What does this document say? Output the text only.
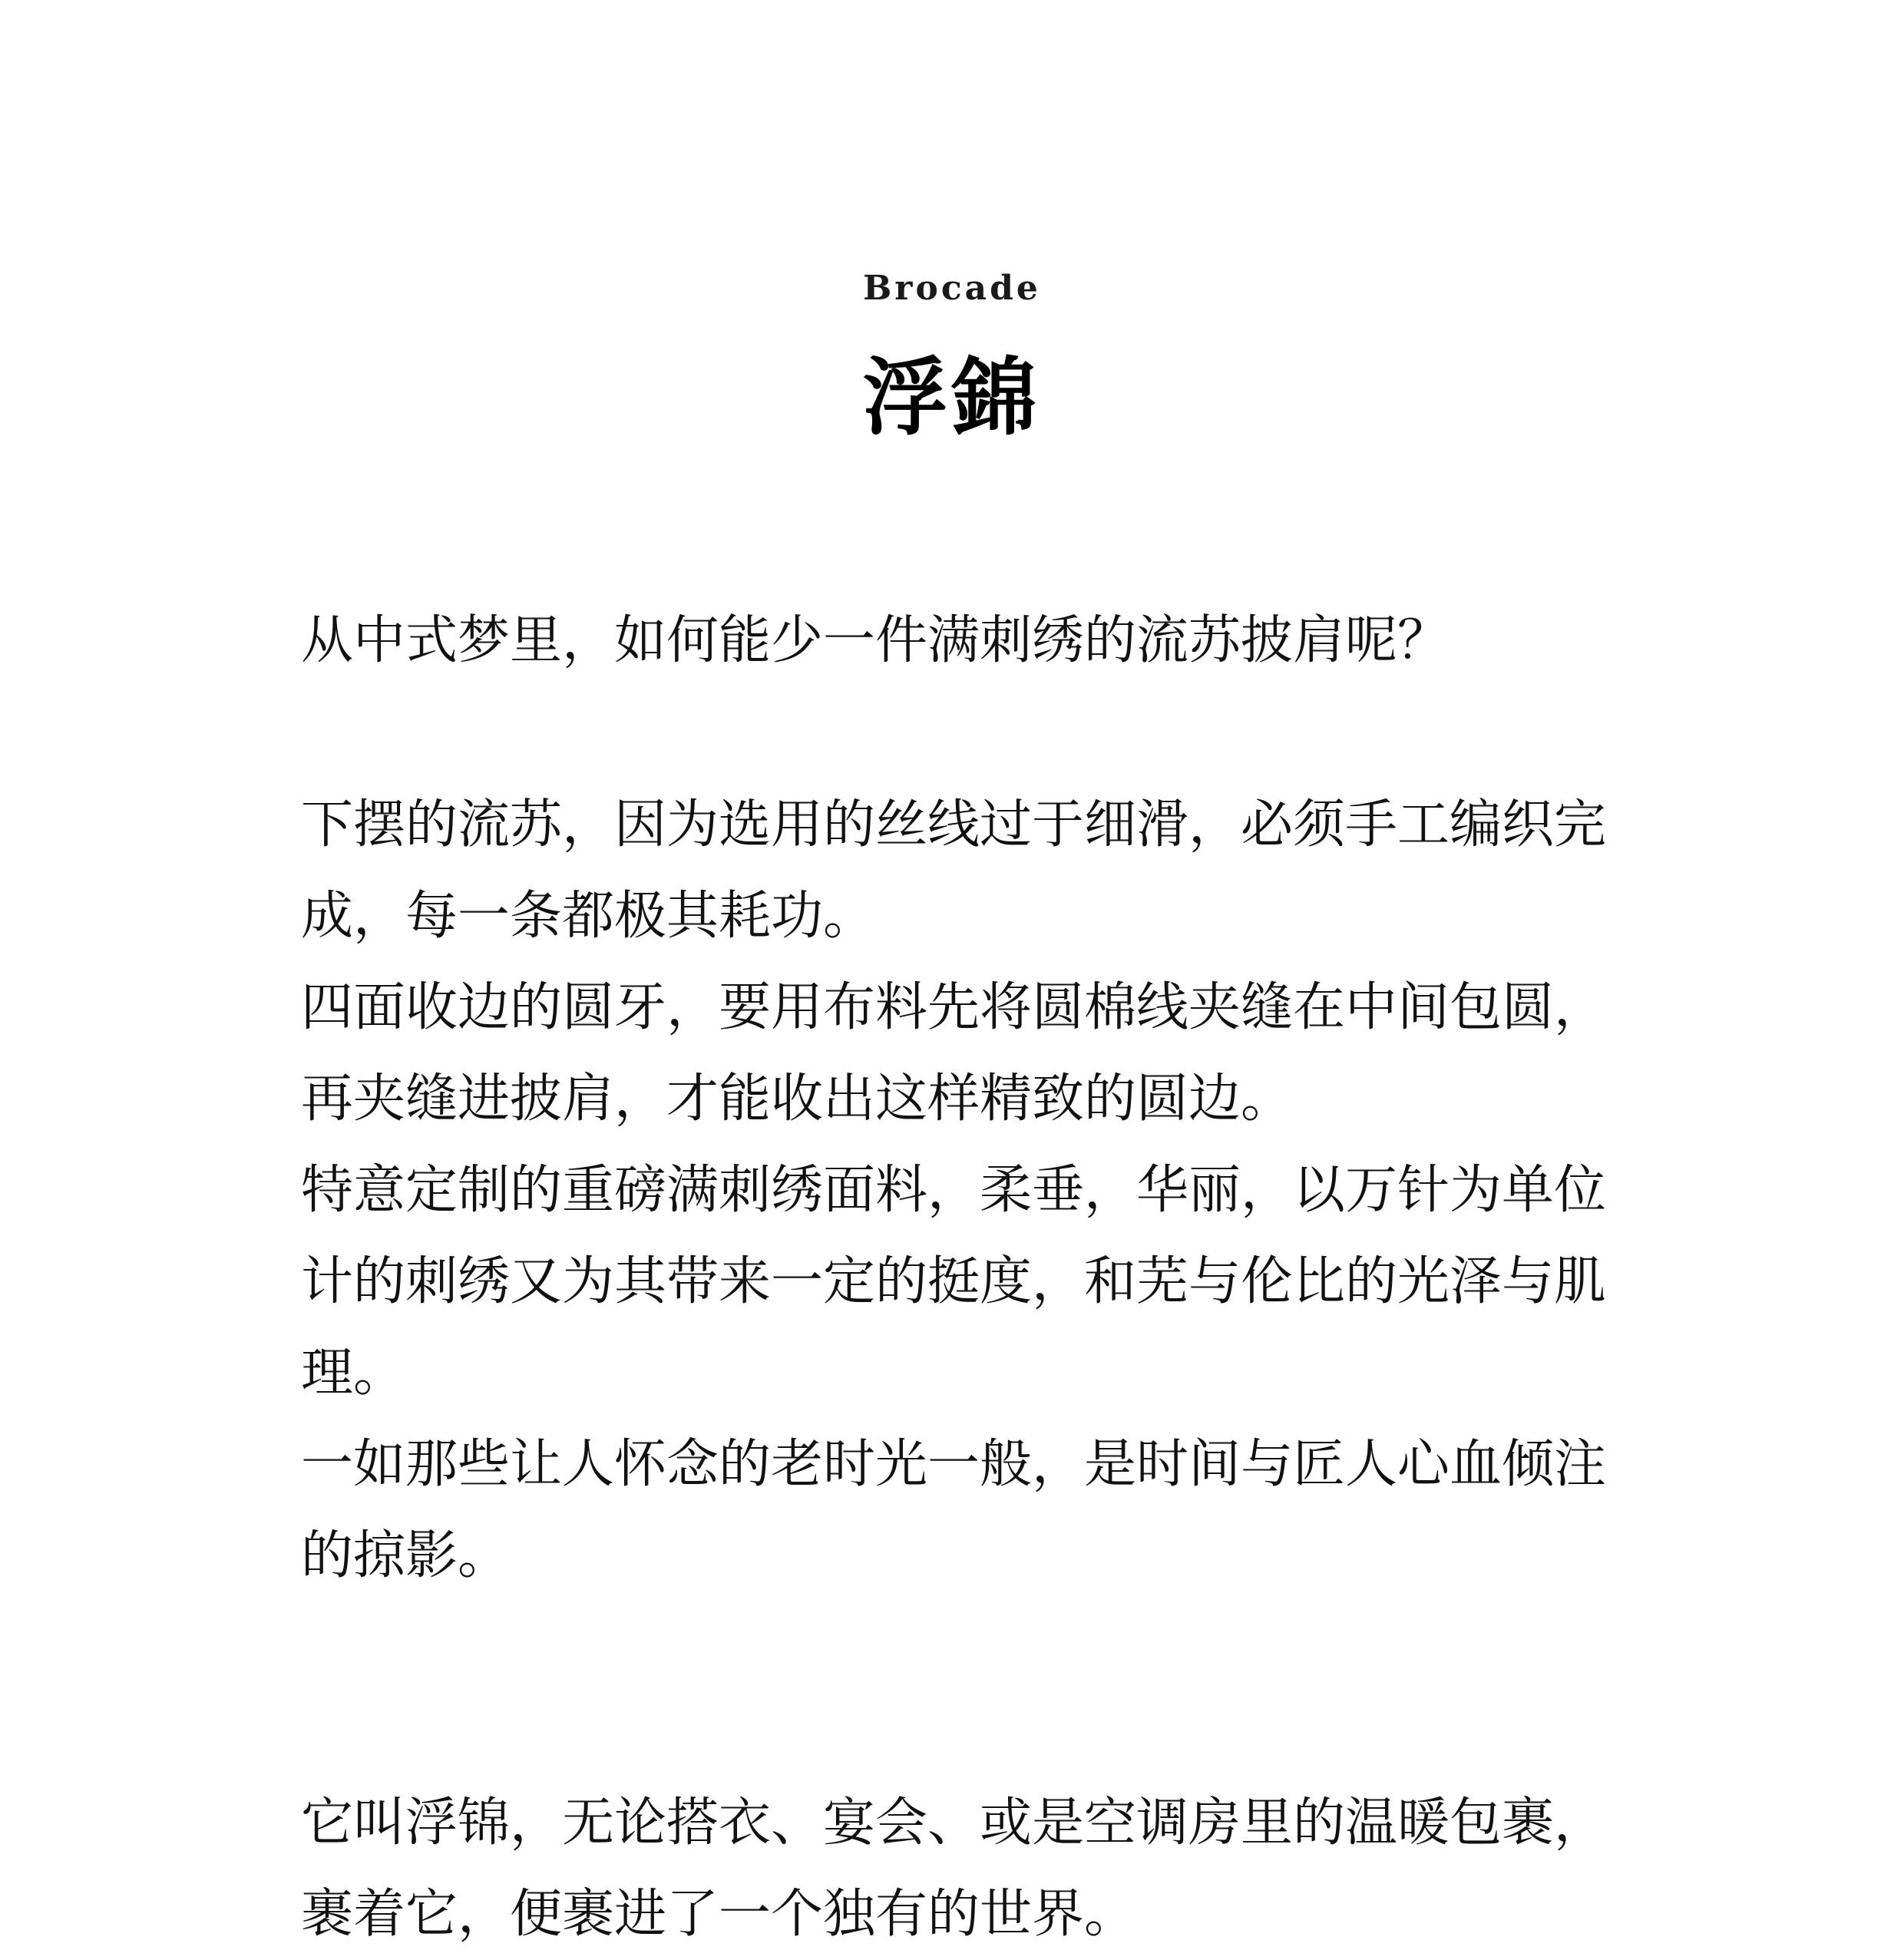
Brocade
浮錦
从中式梦里，如何能少一件满刺绣的流苏披肩呢？

下摆的流苏，因为选用的丝线过于细滑，必须手工编织完成，每一条都极其耗功。

四面收边的圆牙，要用布料先将圆棉线夹缝在中间包圆，再夹缝进披肩，才能收出这样精致的圆边。

特意定制的重磅满刺绣面料，柔垂，华丽，以万针为单位计的刺绣又为其带来一定的挺度，和芜与伦比的光泽与肌理。

一如那些让人怀念的老时光一般，是时间与匠人心血倾注的掠影。

它叫浮锦，无论搭衣、宴会、或是空调房里的温暖包裹，裹着它，便裹进了一个独有的世界。
